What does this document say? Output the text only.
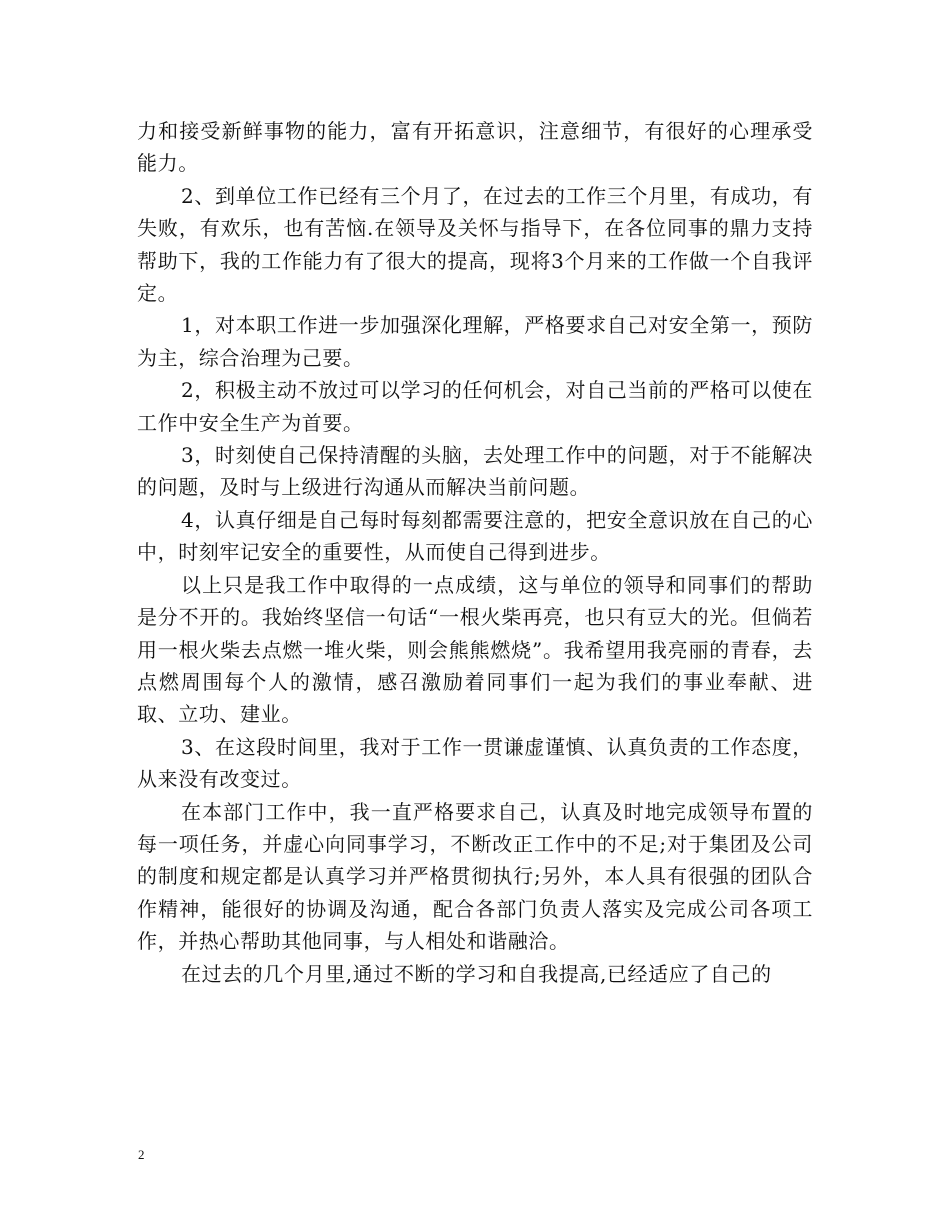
力和接受新鲜事物的能力，富有开拓意识，注意细节，有很好的心理承受能力。

2、到单位工作已经有三个月了，在过去的工作三个月里，有成功，有失败，有欢乐，也有苦恼.在领导及关怀与指导下，在各位同事的鼎力支持帮助下，我的工作能力有了很大的提高，现将3个月来的工作做一个自我评定。

1，对本职工作进一步加强深化理解，严格要求自己对安全第一，预防为主，综合治理为己要。

2，积极主动不放过可以学习的任何机会，对自己当前的严格可以使在工作中安全生产为首要。

3，时刻使自己保持清醒的头脑，去处理工作中的问题，对于不能解决的问题，及时与上级进行沟通从而解决当前问题。

4，认真仔细是自己每时每刻都需要注意的，把安全意识放在自己的心中，时刻牢记安全的重要性，从而使自己得到进步。

以上只是我工作中取得的一点成绩，这与单位的领导和同事们的帮助是分不开的。我始终坚信一句话“一根火柴再亮，也只有豆大的光。但倘若用一根火柴去点燃一堆火柴，则会熊熊燃烧”。我希望用我亮丽的青春，去点燃周围每个人的激情，感召激励着同事们一起为我们的事业奉献、进取、立功、建业。

3、在这段时间里，我对于工作一贯谦虚谨慎、认真负责的工作态度，从来没有改变过。

在本部门工作中，我一直严格要求自己，认真及时地完成领导布置的每一项任务，并虚心向同事学习，不断改正工作中的不足;对于集团及公司的制度和规定都是认真学习并严格贯彻执行;另外，本人具有很强的团队合作精神，能很好的协调及沟通，配合各部门负责人落实及完成公司各项工作，并热心帮助其他同事，与人相处和谐融洽。

在过去的几个月里,通过不断的学习和自我提高,已经适应了自己的

2
